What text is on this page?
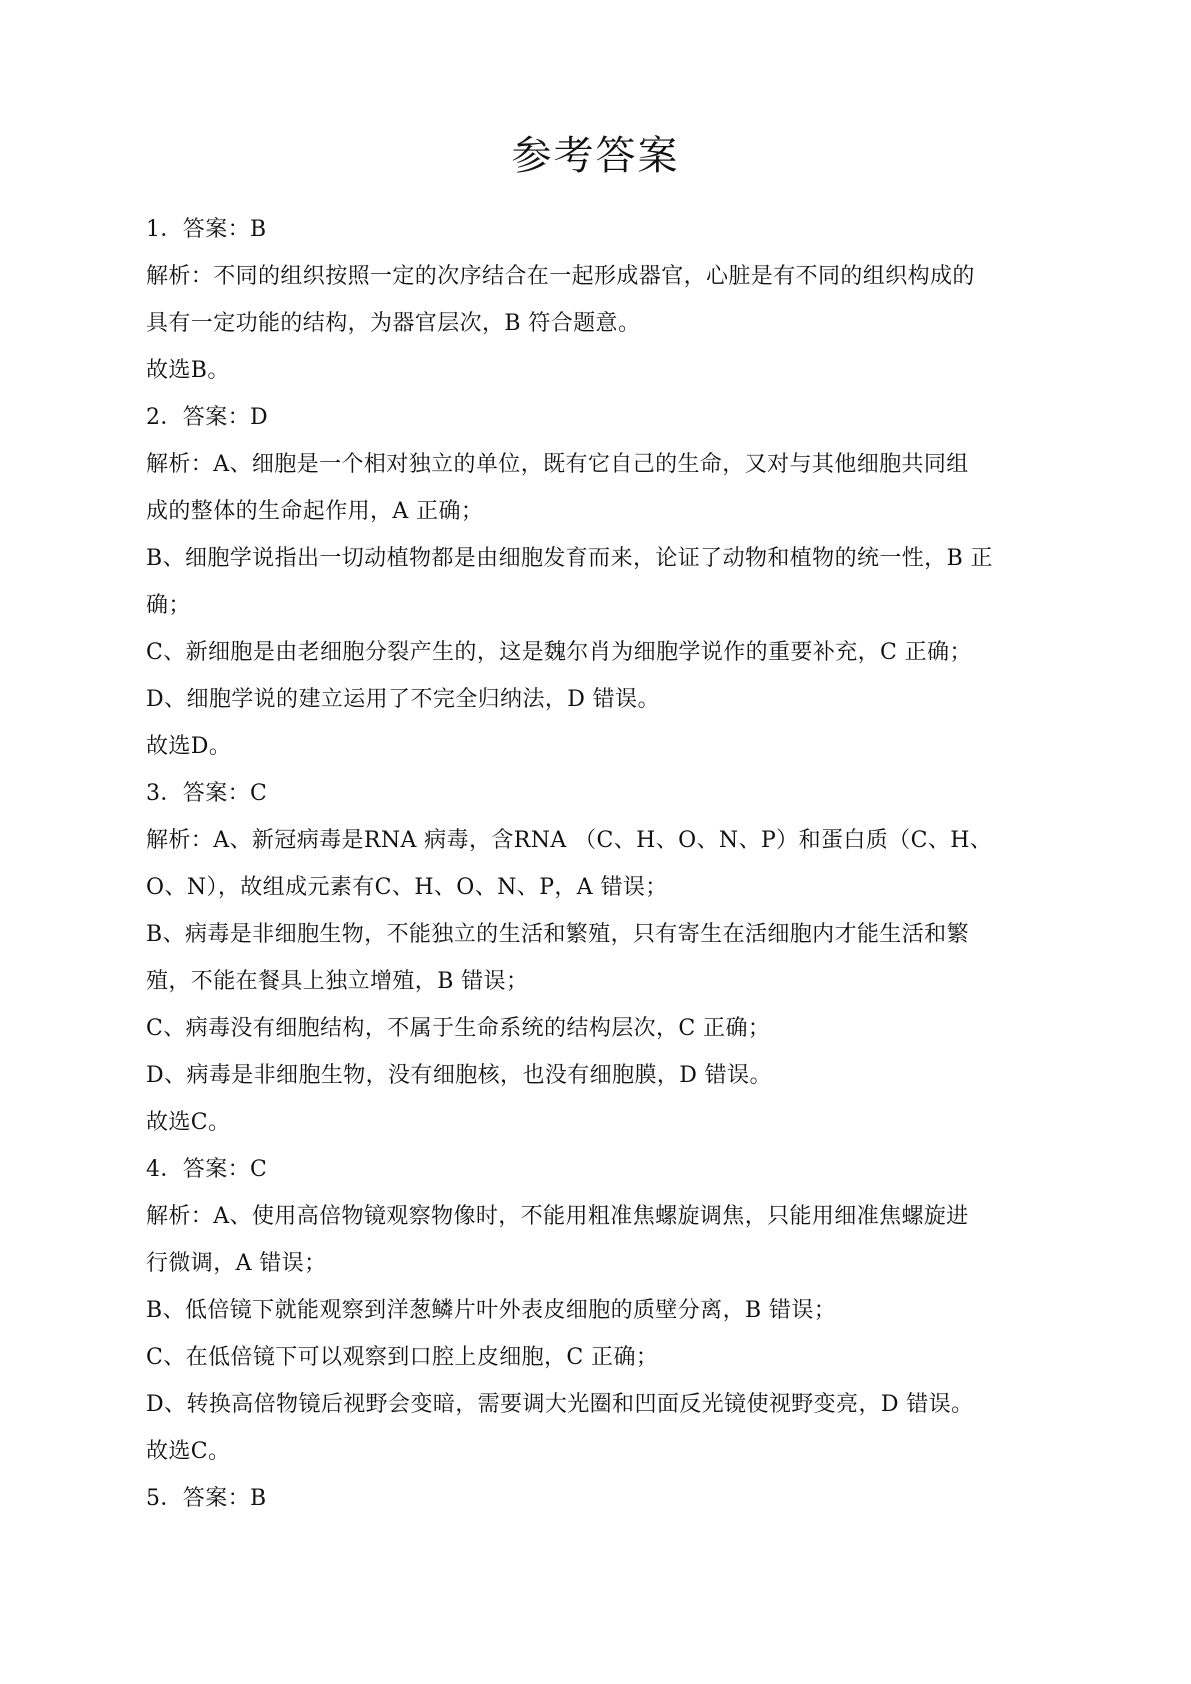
参考答案
1．答案：B
解析：不同的组织按照一定的次序结合在一起形成器官，心脏是有不同的组织构成的
具有一定功能的结构，为器官层次，B 符合题意。
故选B。
2．答案：D
解析：A、细胞是一个相对独立的单位，既有它自己的生命，又对与其他细胞共同组
成的整体的生命起作用，A 正确；
B、细胞学说指出一切动植物都是由细胞发育而来，论证了动物和植物的统一性，B 正
确；
C、新细胞是由老细胞分裂产生的，这是魏尔肖为细胞学说作的重要补充，C 正确；
D、细胞学说的建立运用了不完全归纳法，D 错误。
故选D。
3．答案：C
解析：A、新冠病毒是RNA 病毒，含RNA （C、H、O、N、P）和蛋白质（C、H、
O、N），故组成元素有C、H、O、N、P，A 错误；
B、病毒是非细胞生物，不能独立的生活和繁殖，只有寄生在活细胞内才能生活和繁
殖，不能在餐具上独立增殖，B 错误；
C、病毒没有细胞结构，不属于生命系统的结构层次，C 正确；
D、病毒是非细胞生物，没有细胞核，也没有细胞膜，D 错误。
故选C。
4．答案：C
解析：A、使用高倍物镜观察物像时，不能用粗准焦螺旋调焦，只能用细准焦螺旋进
行微调，A 错误；
B、低倍镜下就能观察到洋葱鳞片叶外表皮细胞的质壁分离，B 错误；
C、在低倍镜下可以观察到口腔上皮细胞，C 正确；
D、转换高倍物镜后视野会变暗，需要调大光圈和凹面反光镜使视野变亮，D 错误。
故选C。
5．答案：B
